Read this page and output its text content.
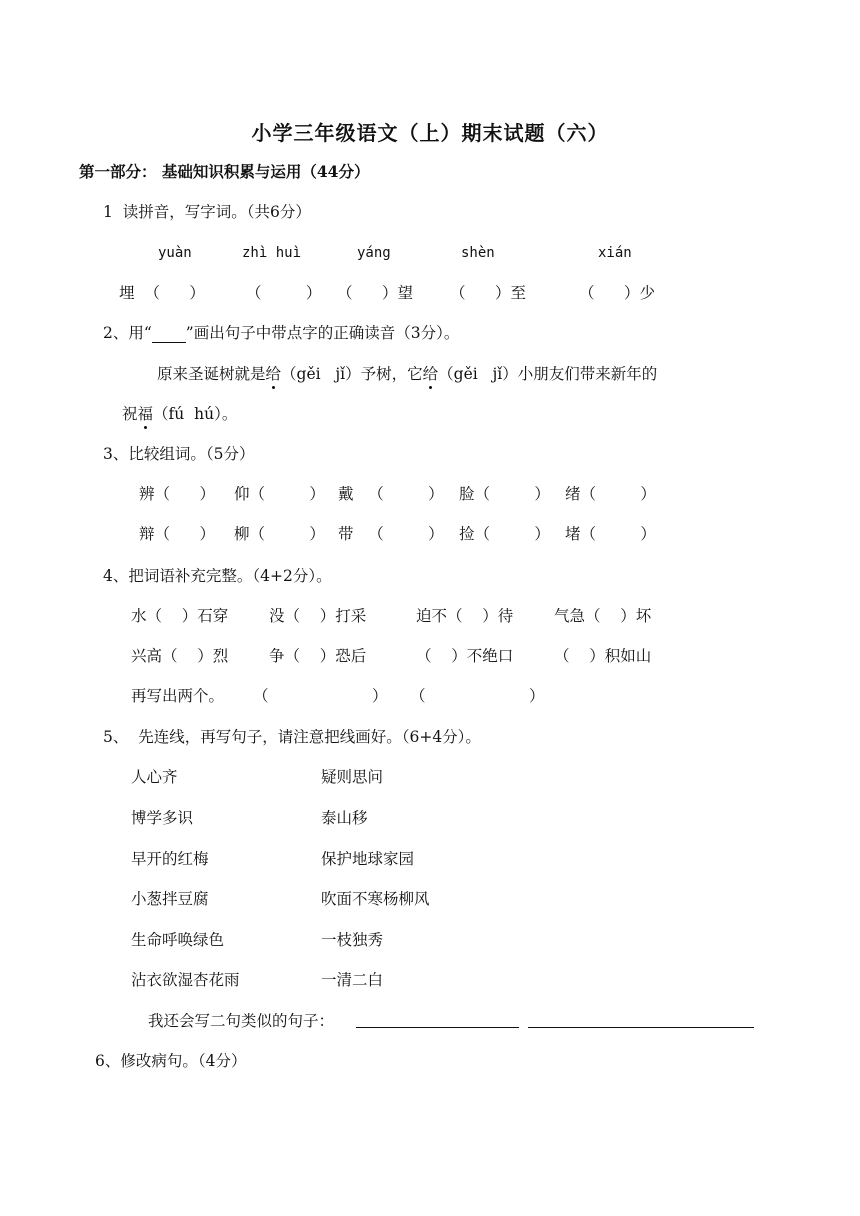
小学三年级语文（上）期末试题（六）
第一部分： 基础知识积累与运用（44分）
1  读拼音，写字词。（共6分）
yuàn	zhì huì	yáng	shèn	xián
埋  （      ）	（         ） （      ）望 （      ）至	（      ）少
2、用“ ”画出句子中带点字的正确读音（3分）。
原来圣诞树就是给（gěi   jǐ）予树，它给（gěi   jǐ）小朋友们带来新年的
祝福（fú  hú）。
3、比较组词。（5分）
辨（      ） 仰（         ） 戴   （         ） 脸（         ） 绪（         ）
辩（      ） 柳（         ） 带   （         ） 捡（         ） 堵（         ）
4、把词语补充完整。（4+2分）。
水（    ）石穿	没（    ）打采	迫不（    ）待	气急（    ）坏
兴高（    ）烈	争（    ）恐后	（    ）不绝口	（    ）积如山
再写出两个。 （                     ） （                     ）
5、  先连线，再写句子，请注意把线画好。（6+4分）。
人心齐	疑则思问
博学多识	泰山移
早开的红梅	保护地球家园
小葱拌豆腐	吹面不寒杨柳风
生命呼唤绿色	一枝独秀
沾衣欲湿杏花雨	一清二白
我还会写二句类似的句子：
6、修改病句。（4分）
